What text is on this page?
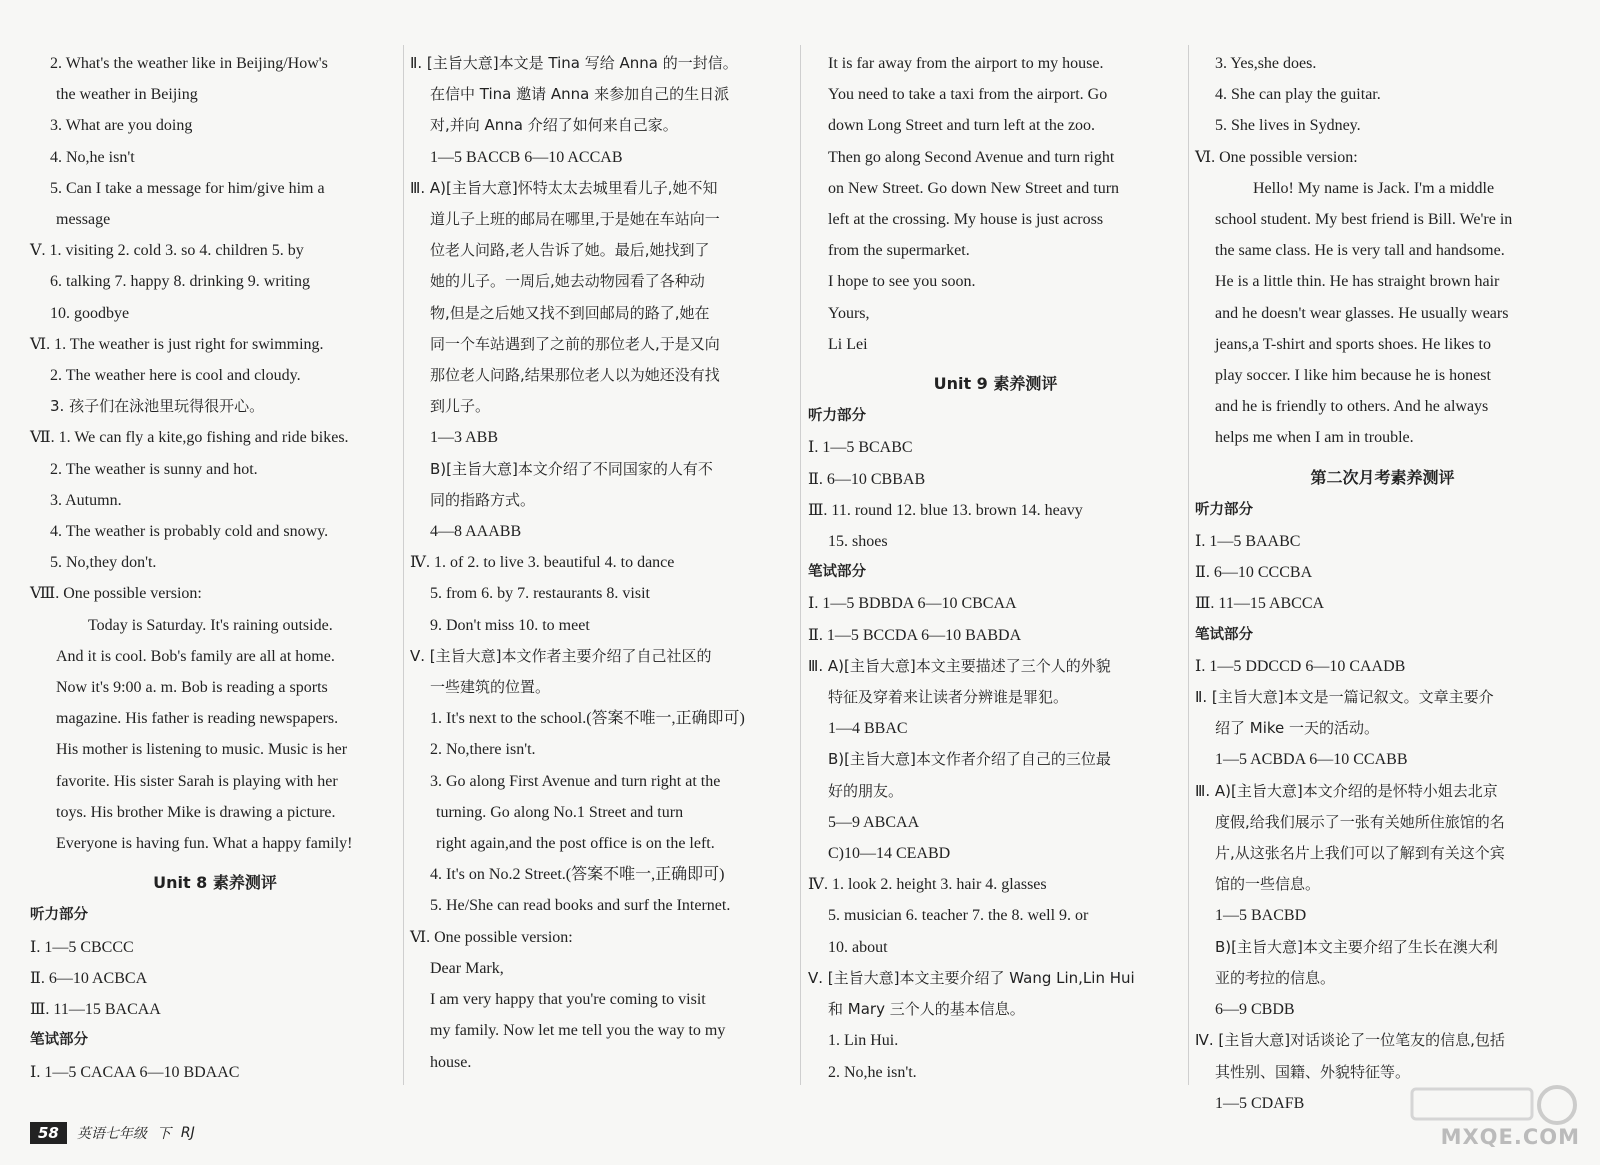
2. What's the weather like in Beijing/How's
the weather in Beijing
3. What are you doing
4. No,he isn't
5. Can I take a message for him/give him a
message
Ⅴ. 1. visiting 2. cold 3. so 4. children 5. by
6. talking 7. happy 8. drinking 9. writing
10. goodbye
Ⅵ. 1. The weather is just right for swimming.
2. The weather here is cool and cloudy.
3. 孩子们在泳池里玩得很开心。
Ⅶ. 1. We can fly a kite,go fishing and ride bikes.
2. The weather is sunny and hot.
3. Autumn.
4. The weather is probably cold and snowy.
5. No,they don't.
Ⅷ. One possible version:
Today is Saturday. It's raining outside.
And it is cool. Bob's family are all at home.
Now it's 9:00 a. m. Bob is reading a sports
magazine. His father is reading newspapers.
His mother is listening to music. Music is her
favorite. His sister Sarah is playing with her
toys. His brother Mike is drawing a picture.
Everyone is having fun. What a happy family!
Unit 8 素养测评
听力部分
Ⅰ. 1—5 CBCCC
Ⅱ. 6—10 ACBCA
Ⅲ. 11—15 BACAA
笔试部分
Ⅰ. 1—5 CACAA 6—10 BDAAC
Ⅱ. [主旨大意]本文是 Tina 写给 Anna 的一封信。
在信中 Tina 邀请 Anna 来参加自己的生日派
对,并向 Anna 介绍了如何来自己家。
1—5 BACCB 6—10 ACCAB
Ⅲ. A)[主旨大意]怀特太太去城里看儿子,她不知
道儿子上班的邮局在哪里,于是她在车站向一
位老人问路,老人告诉了她。最后,她找到了
她的儿子。一周后,她去动物园看了各种动
物,但是之后她又找不到回邮局的路了,她在
同一个车站遇到了之前的那位老人,于是又向
那位老人问路,结果那位老人以为她还没有找
到儿子。
1—3 ABB
B)[主旨大意]本文介绍了不同国家的人有不
同的指路方式。
4—8 AAABB
Ⅳ. 1. of 2. to live 3. beautiful 4. to dance
5. from 6. by 7. restaurants 8. visit
9. Don't miss 10. to meet
Ⅴ. [主旨大意]本文作者主要介绍了自己社区的
一些建筑的位置。
1. It's next to the school.(答案不唯一,正确即可)
2. No,there isn't.
3. Go along First Avenue and turn right at the
turning. Go along No.1 Street and turn
right again,and the post office is on the left.
4. It's on No.2 Street.(答案不唯一,正确即可)
5. He/She can read books and surf the Internet.
Ⅵ. One possible version:
Dear Mark,
I am very happy that you're coming to visit
my family. Now let me tell you the way to my
house.
It is far away from the airport to my house.
You need to take a taxi from the airport. Go
down Long Street and turn left at the zoo.
Then go along Second Avenue and turn right
on New Street. Go down New Street and turn
left at the crossing. My house is just across
from the supermarket.
I hope to see you soon.
Yours,
Li Lei
Unit 9 素养测评
听力部分
Ⅰ. 1—5 BCABC
Ⅱ. 6—10 CBBAB
Ⅲ. 11. round 12. blue 13. brown 14. heavy
15. shoes
笔试部分
Ⅰ. 1—5 BDBDA 6—10 CBCAA
Ⅱ. 1—5 BCCDA 6—10 BABDA
Ⅲ. A)[主旨大意]本文主要描述了三个人的外貌
特征及穿着来让读者分辨谁是罪犯。
1—4 BBAC
B)[主旨大意]本文作者介绍了自己的三位最
好的朋友。
5—9 ABCAA
C)10—14 CEABD
Ⅳ. 1. look 2. height 3. hair 4. glasses
5. musician 6. teacher 7. the 8. well 9. or
10. about
Ⅴ. [主旨大意]本文主要介绍了 Wang Lin,Lin Hui
和 Mary 三个人的基本信息。
1. Lin Hui.
2. No,he isn't.
3. Yes,she does.
4. She can play the guitar.
5. She lives in Sydney.
Ⅵ. One possible version:
Hello! My name is Jack. I'm a middle
school student. My best friend is Bill. We're in
the same class. He is very tall and handsome.
He is a little thin. He has straight brown hair
and he doesn't wear glasses. He usually wears
jeans,a T-shirt and sports shoes. He likes to
play soccer. I like him because he is honest
and he is friendly to others. And he always
helps me when I am in trouble.
第二次月考素养测评
听力部分
Ⅰ. 1—5 BAABC
Ⅱ. 6—10 CCCBA
Ⅲ. 11—15 ABCCA
笔试部分
Ⅰ. 1—5 DDCCD 6—10 CAADB
Ⅱ. [主旨大意]本文是一篇记叙文。文章主要介
绍了 Mike 一天的活动。
1—5 ACBDA 6—10 CCABB
Ⅲ. A)[主旨大意]本文介绍的是怀特小姐去北京
度假,给我们展示了一张有关她所住旅馆的名
片,从这张名片上我们可以了解到有关这个宾
馆的一些信息。
1—5 BACBD
B)[主旨大意]本文主要介绍了生长在澳大利
亚的考拉的信息。
6—9 CBDB
Ⅳ. [主旨大意]对话谈论了一位笔友的信息,包括
其性别、国籍、外貌特征等。
1—5 CDAFB
58	英语七年级 下 RJ	MXQE.COM
